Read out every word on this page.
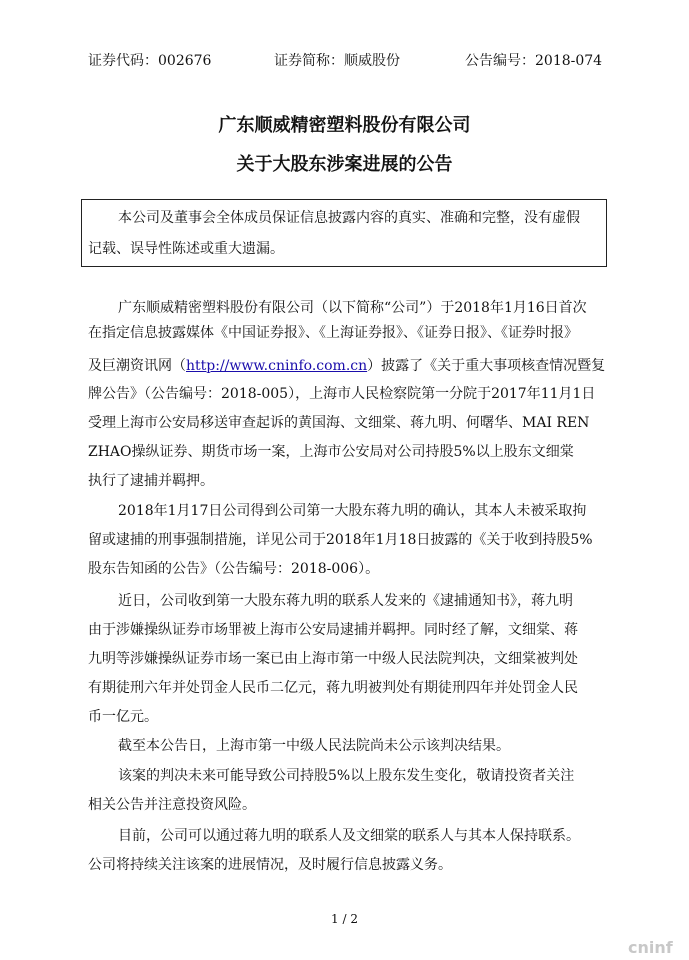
证券代码：002676	证券简称：顺威股份	公告编号：2018-074
广东顺威精密塑料股份有限公司
关于大股东涉案进展的公告
本公司及董事会全体成员保证信息披露内容的真实、准确和完整，没有虚假
记载、误导性陈述或重大遗漏。
广东顺威精密塑料股份有限公司（以下简称“公司”）于2018年1月16日首次
在指定信息披露媒体《中国证券报》、《上海证券报》、《证券日报》、《证券时报》
及巨潮资讯网（http://www.cninfo.com.cn）披露了《关于重大事项核查情况暨复
牌公告》（公告编号：2018-005），上海市人民检察院第一分院于2017年11月1日
受理上海市公安局移送审查起诉的黄国海、文细棠、蒋九明、何曙华、MAI REN
ZHAO操纵证券、期货市场一案，上海市公安局对公司持股5%以上股东文细棠
执行了逮捕并羁押。
2018年1月17日公司得到公司第一大股东蒋九明的确认，其本人未被采取拘
留或逮捕的刑事强制措施，详见公司于2018年1月18日披露的《关于收到持股5%
股东告知函的公告》（公告编号：2018-006）。
近日，公司收到第一大股东蒋九明的联系人发来的《逮捕通知书》，蒋九明
由于涉嫌操纵证券市场罪被上海市公安局逮捕并羁押。同时经了解，文细棠、蒋
九明等涉嫌操纵证券市场一案已由上海市第一中级人民法院判决，文细棠被判处
有期徒刑六年并处罚金人民币二亿元，蒋九明被判处有期徒刑四年并处罚金人民
币一亿元。
截至本公告日，上海市第一中级人民法院尚未公示该判决结果。
该案的判决未来可能导致公司持股5%以上股东发生变化，敬请投资者关注
相关公告并注意投资风险。
目前，公司可以通过蒋九明的联系人及文细棠的联系人与其本人保持联系。
公司将持续关注该案的进展情况，及时履行信息披露义务。
1 / 2
cninf
